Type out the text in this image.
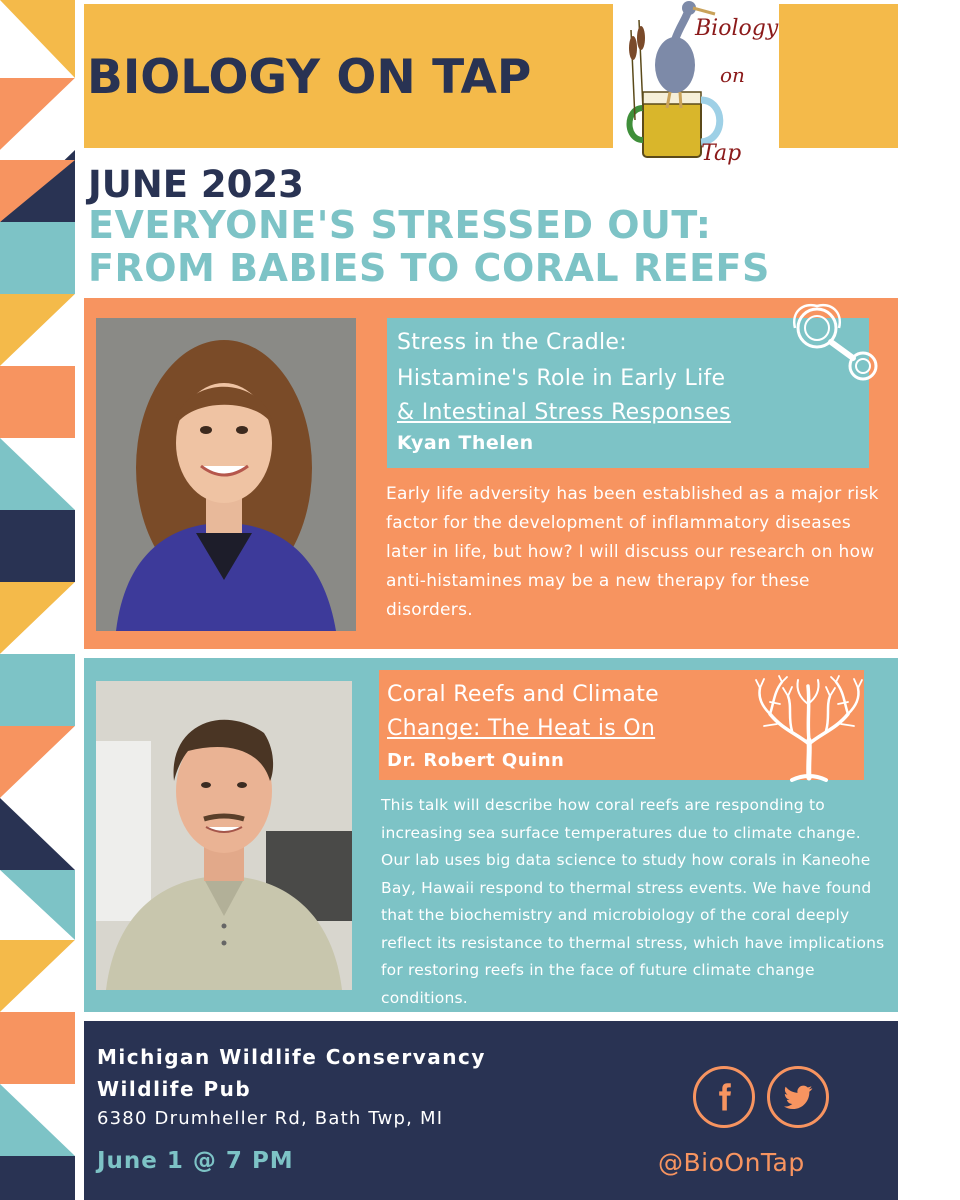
BIOLOGY ON TAP
Biology
on
Tap
JUNE 2023
EVERYONE'S STRESSED OUT:
FROM BABIES TO CORAL REEFS
Stress in the Cradle:
Histamine's Role in Early Life
& Intestinal Stress Responses
Kyan Thelen
Early life adversity has been established as a major risk factor for the development of inflammatory diseases later in life, but how? I will discuss our research on how anti-histamines may be a new therapy for these disorders.
Coral Reefs and Climate
Change: The Heat is On
Dr. Robert Quinn
This talk will describe how coral reefs are responding to increasing sea surface temperatures due to climate change. Our lab uses big data science to study how corals in Kaneohe Bay, Hawaii respond to thermal stress events. We have found that the biochemistry and microbiology of the coral deeply reflect its resistance to thermal stress, which have implications for restoring reefs in the face of future climate change conditions.
Michigan Wildlife Conservancy
Wildlife Pub
6380 Drumheller Rd, Bath Twp, MI
June 1 @ 7 PM	@BioOnTap
